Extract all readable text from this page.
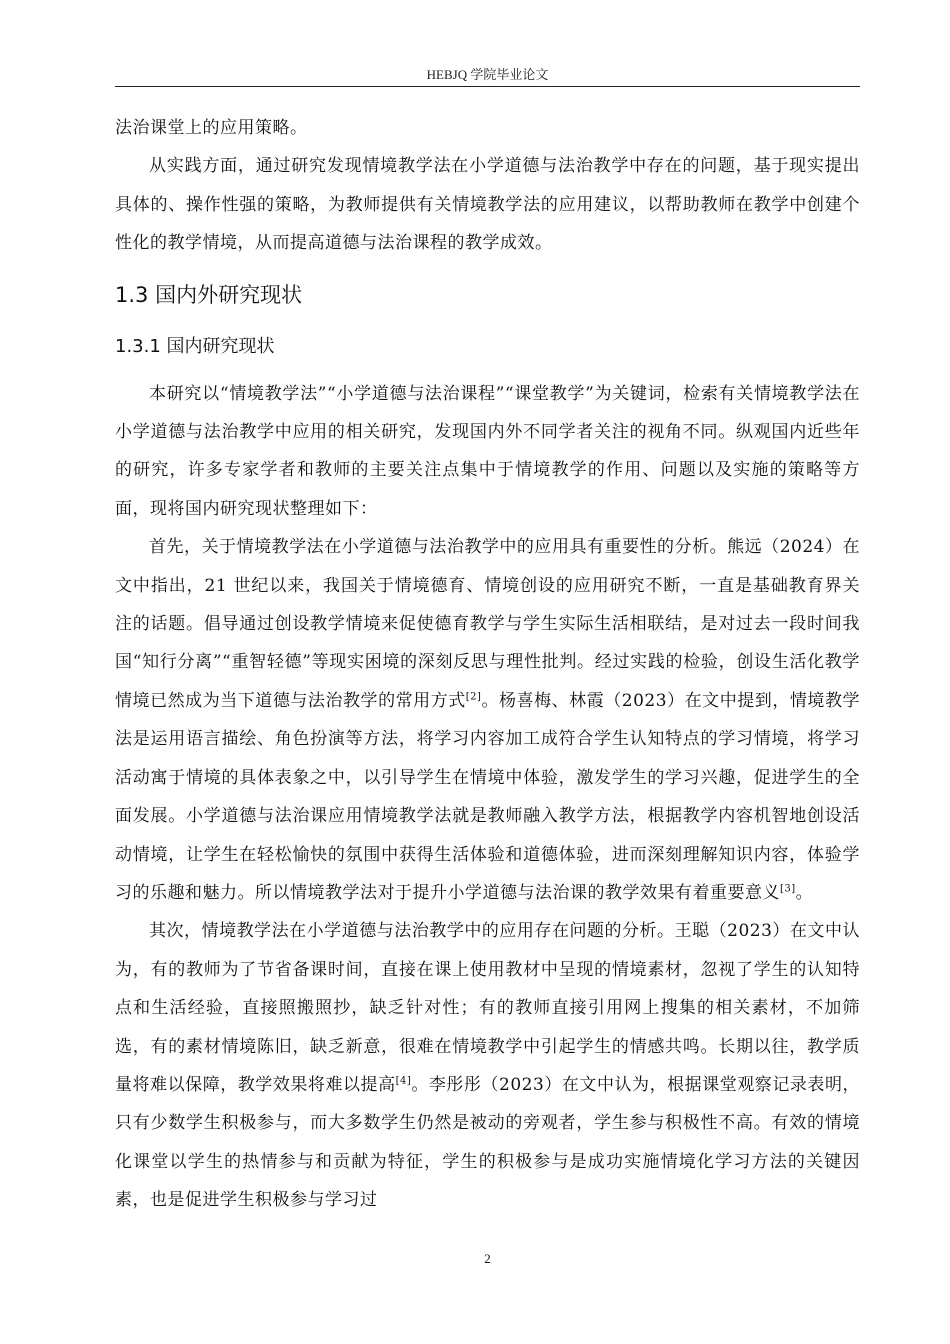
HEBJQ 学院毕业论文

法治课堂上的应用策略。

从实践方面，通过研究发现情境教学法在小学道德与法治教学中存在的问题，基于现实提出具体的、操作性强的策略，为教师提供有关情境教学法的应用建议，以帮助教师在教学中创建个性化的教学情境，从而提高道德与法治课程的教学成效。

1.3 国内外研究现状
1.3.1 国内研究现状

本研究以“情境教学法”“小学道德与法治课程”“课堂教学”为关键词，检索有关情境教学法在小学道德与法治教学中应用的相关研究，发现国内外不同学者关注的视角不同。纵观国内近些年的研究，许多专家学者和教师的主要关注点集中于情境教学的作用、问题以及实施的策略等方面，现将国内研究现状整理如下：

首先，关于情境教学法在小学道德与法治教学中的应用具有重要性的分析。熊远（2024）在文中指出，21 世纪以来，我国关于情境德育、情境创设的应用研究不断，一直是基础教育界关注的话题。倡导通过创设教学情境来促使德育教学与学生实际生活相联结，是对过去一段时间我国“知行分离”“重智轻德”等现实困境的深刻反思与理性批判。经过实践的检验，创设生活化教学情境已然成为当下道德与法治教学的常用方式[2]。杨喜梅、林霞（2023）在文中提到，情境教学法是运用语言描绘、角色扮演等方法，将学习内容加工成符合学生认知特点的学习情境，将学习活动寓于情境的具体表象之中，以引导学生在情境中体验，激发学生的学习兴趣，促进学生的全面发展。小学道德与法治课应用情境教学法就是教师融入教学方法，根据教学内容机智地创设活动情境，让学生在轻松愉快的氛围中获得生活体验和道德体验，进而深刻理解知识内容，体验学习的乐趣和魅力。所以情境教学法对于提升小学道德与法治课的教学效果有着重要意义[3]。

其次，情境教学法在小学道德与法治教学中的应用存在问题的分析。王聪（2023）在文中认为，有的教师为了节省备课时间，直接在课上使用教材中呈现的情境素材，忽视了学生的认知特点和生活经验，直接照搬照抄，缺乏针对性；有的教师直接引用网上搜集的相关素材，不加筛选，有的素材情境陈旧，缺乏新意，很难在情境教学中引起学生的情感共鸣。长期以往，教学质量将难以保障，教学效果将难以提高[4]。李彤彤（2023）在文中认为，根据课堂观察记录表明，只有少数学生积极参与，而大多数学生仍然是被动的旁观者，学生参与积极性不高。有效的情境化课堂以学生的热情参与和贡献为特征，学生的积极参与是成功实施情境化学习方法的关键因素，也是促进学生积极参与学习过

2
